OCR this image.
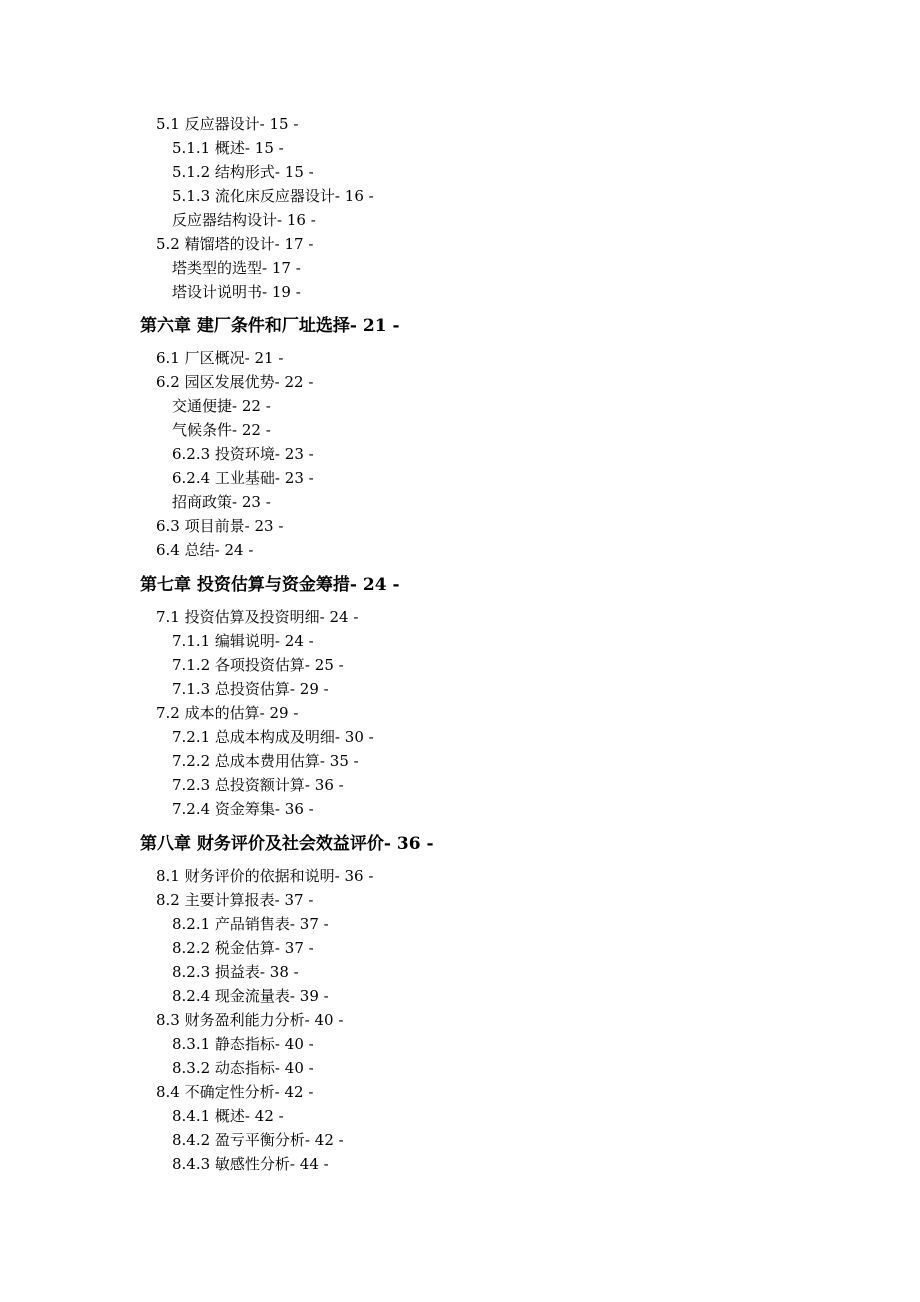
5.1 反应器设计- 15 -
5.1.1 概述- 15 -
5.1.2 结构形式- 15 -
5.1.3 流化床反应器设计- 16 -
反应器结构设计- 16 -
5.2 精馏塔的设计- 17 -
塔类型的选型- 17 -
塔设计说明书- 19 -
第六章 建厂条件和厂址选择- 21 -
6.1 厂区概况- 21 -
6.2 园区发展优势- 22 -
交通便捷- 22 -
气候条件- 22 -
6.2.3 投资环境- 23 -
6.2.4 工业基础- 23 -
招商政策- 23 -
6.3 项目前景- 23 -
6.4 总结- 24 -
第七章 投资估算与资金筹措- 24 -
7.1 投资估算及投资明细- 24 -
7.1.1 编辑说明- 24 -
7.1.2 各项投资估算- 25 -
7.1.3 总投资估算- 29 -
7.2 成本的估算- 29 -
7.2.1 总成本构成及明细- 30 -
7.2.2 总成本费用估算- 35 -
7.2.3 总投资额计算- 36 -
7.2.4 资金筹集- 36 -
第八章 财务评价及社会效益评价- 36 -
8.1 财务评价的依据和说明- 36 -
8.2 主要计算报表- 37 -
8.2.1 产品销售表- 37 -
8.2.2 税金估算- 37 -
8.2.3 损益表- 38 -
8.2.4 现金流量表- 39 -
8.3 财务盈利能力分析- 40 -
8.3.1 静态指标- 40 -
8.3.2 动态指标- 40 -
8.4 不确定性分析- 42 -
8.4.1 概述- 42 -
8.4.2 盈亏平衡分析- 42 -
8.4.3 敏感性分析- 44 -
